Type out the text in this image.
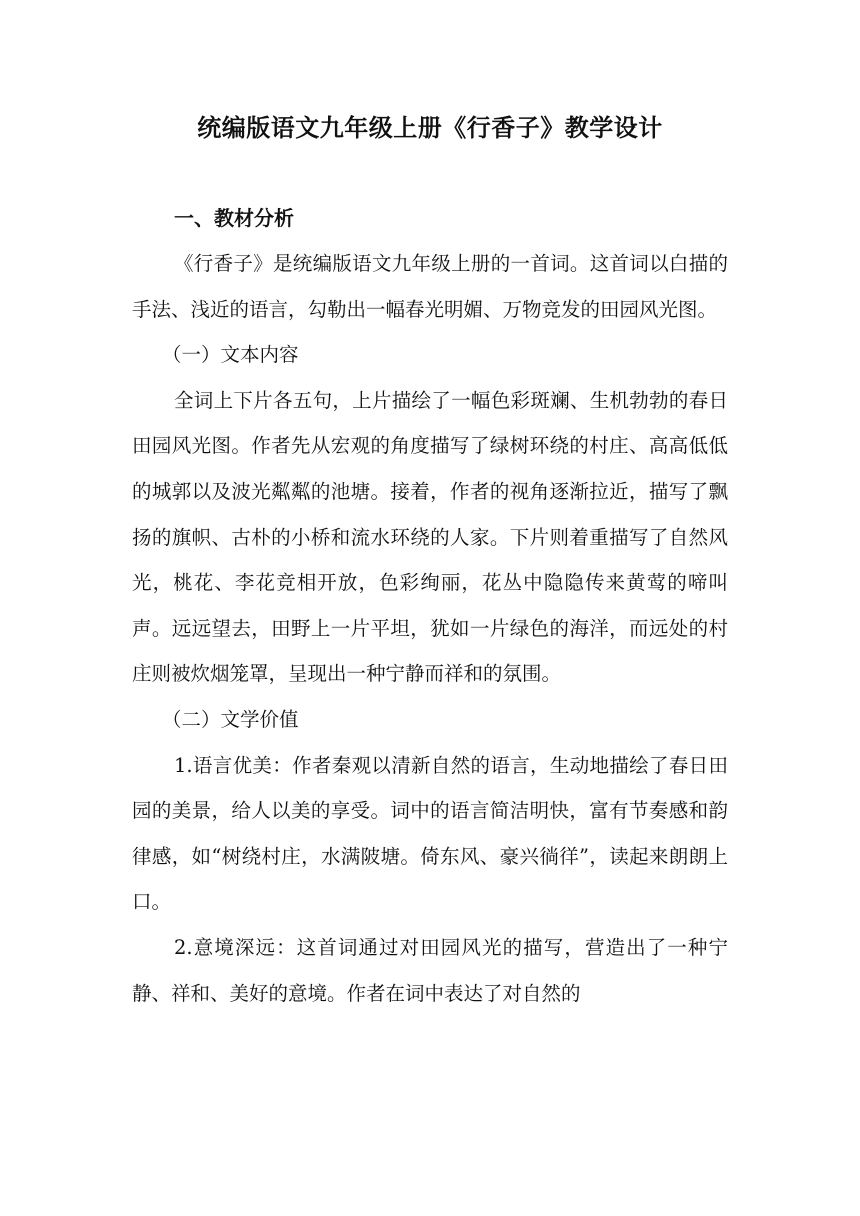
统编版语文九年级上册《行香子》教学设计

一、教材分析

《行香子》是统编版语文九年级上册的一首词。这首词以白描的手法、浅近的语言，勾勒出一幅春光明媚、万物竞发的田园风光图。

（一）文本内容

全词上下片各五句，上片描绘了一幅色彩斑斓、生机勃勃的春日田园风光图。作者先从宏观的角度描写了绿树环绕的村庄、高高低低的城郭以及波光粼粼的池塘。接着，作者的视角逐渐拉近，描写了飘扬的旗帜、古朴的小桥和流水环绕的人家。下片则着重描写了自然风光，桃花、李花竞相开放，色彩绚丽，花丛中隐隐传来黄莺的啼叫声。远远望去，田野上一片平坦，犹如一片绿色的海洋，而远处的村庄则被炊烟笼罩，呈现出一种宁静而祥和的氛围。

（二）文学价值

1.语言优美：作者秦观以清新自然的语言，生动地描绘了春日田园的美景，给人以美的享受。词中的语言简洁明快，富有节奏感和韵律感，如“树绕村庄，水满陂塘。倚东风、豪兴徜徉”，读起来朗朗上口。

2.意境深远：这首词通过对田园风光的描写，营造出了一种宁静、祥和、美好的意境。作者在词中表达了对自然的
